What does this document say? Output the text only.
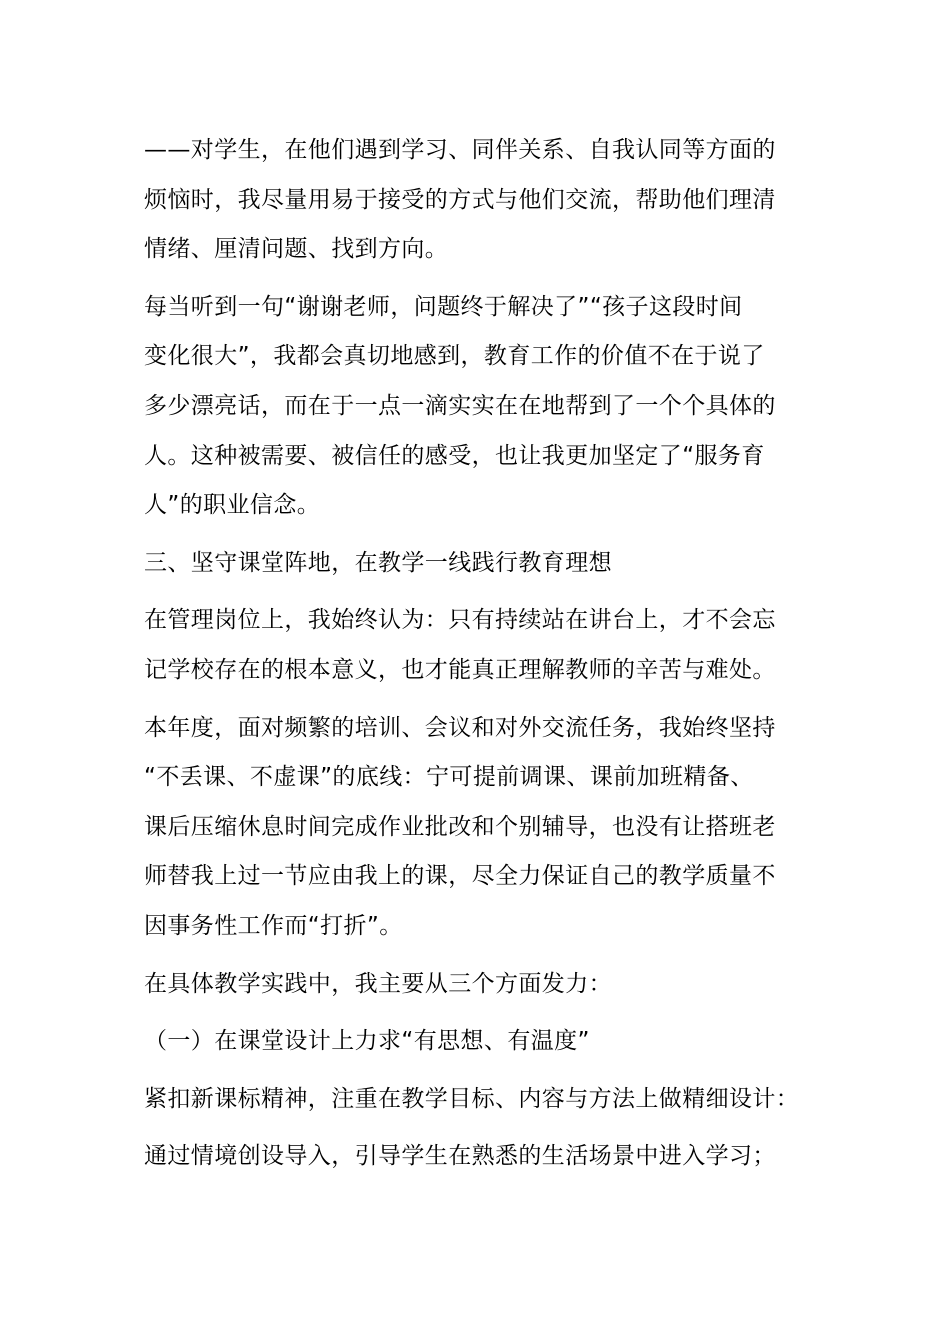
——对学生，在他们遇到学习、同伴关系、自我认同等方面的
烦恼时，我尽量用易于接受的方式与他们交流，帮助他们理清
情绪、厘清问题、找到方向。

每当听到一句“谢谢老师，问题终于解决了”“孩子这段时间
变化很大”，我都会真切地感到，教育工作的价值不在于说了
多少漂亮话，而在于一点一滴实实在在地帮到了一个个具体的
人。这种被需要、被信任的感受，也让我更加坚定了“服务育
人”的职业信念。

三、坚守课堂阵地，在教学一线践行教育理想

在管理岗位上，我始终认为：只有持续站在讲台上，才不会忘
记学校存在的根本意义，也才能真正理解教师的辛苦与难处。

本年度，面对频繁的培训、会议和对外交流任务，我始终坚持
“不丢课、不虚课”的底线：宁可提前调课、课前加班精备、
课后压缩休息时间完成作业批改和个别辅导，也没有让搭班老
师替我上过一节应由我上的课，尽全力保证自己的教学质量不
因事务性工作而“打折”。

在具体教学实践中，我主要从三个方面发力：

（一）在课堂设计上力求“有思想、有温度”

紧扣新课标精神，注重在教学目标、内容与方法上做精细设计：

通过情境创设导入，引导学生在熟悉的生活场景中进入学习；
